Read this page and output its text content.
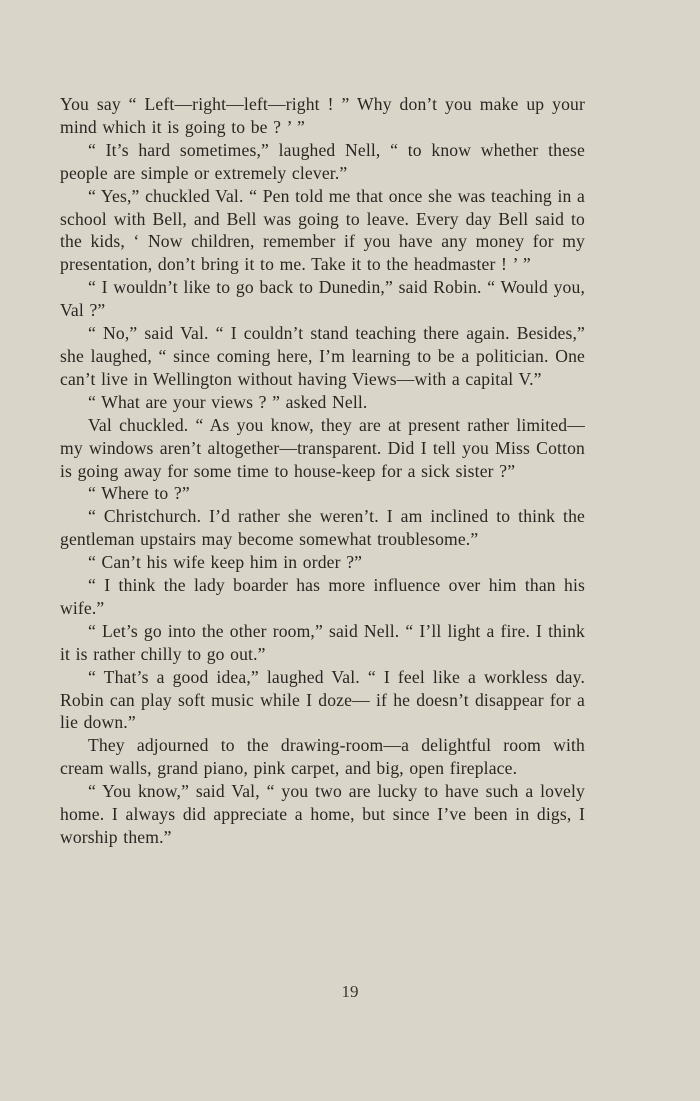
You say “ Left—right—left—right ! ” Why don’t you make up your mind which it is going to be ? ’ ”

“ It’s hard sometimes,” laughed Nell, “ to know whether these people are simple or extremely clever.”

“ Yes,” chuckled Val. “ Pen told me that once she was teaching in a school with Bell, and Bell was going to leave. Every day Bell said to the kids, ‘ Now children, remember if you have any money for my presentation, don’t bring it to me. Take it to the headmaster ! ’ ”

“ I wouldn’t like to go back to Dunedin,” said Robin. “ Would you, Val ?”

“ No,” said Val. “ I couldn’t stand teaching there again. Besides,” she laughed, “ since coming here, I’m learning to be a politician. One can’t live in Wellington without having Views—with a capital V.”

“ What are your views ? ” asked Nell.

Val chuckled. “ As you know, they are at present rather limited—my windows aren’t altogether—transparent. Did I tell you Miss Cotton is going away for some time to house-keep for a sick sister ?”

“ Where to ?”

“ Christchurch. I’d rather she weren’t. I am inclined to think the gentleman upstairs may become somewhat troublesome.”

“ Can’t his wife keep him in order ?”

“ I think the lady boarder has more influence over him than his wife.”

“ Let’s go into the other room,” said Nell. “ I’ll light a fire. I think it is rather chilly to go out.”

“ That’s a good idea,” laughed Val. “ I feel like a workless day. Robin can play soft music while I doze— if he doesn’t disappear for a lie down.”

They adjourned to the drawing-room—a delightful room with cream walls, grand piano, pink carpet, and big, open fireplace.

“ You know,” said Val, “ you two are lucky to have such a lovely home. I always did appreciate a home, but since I’ve been in digs, I worship them.”

19
